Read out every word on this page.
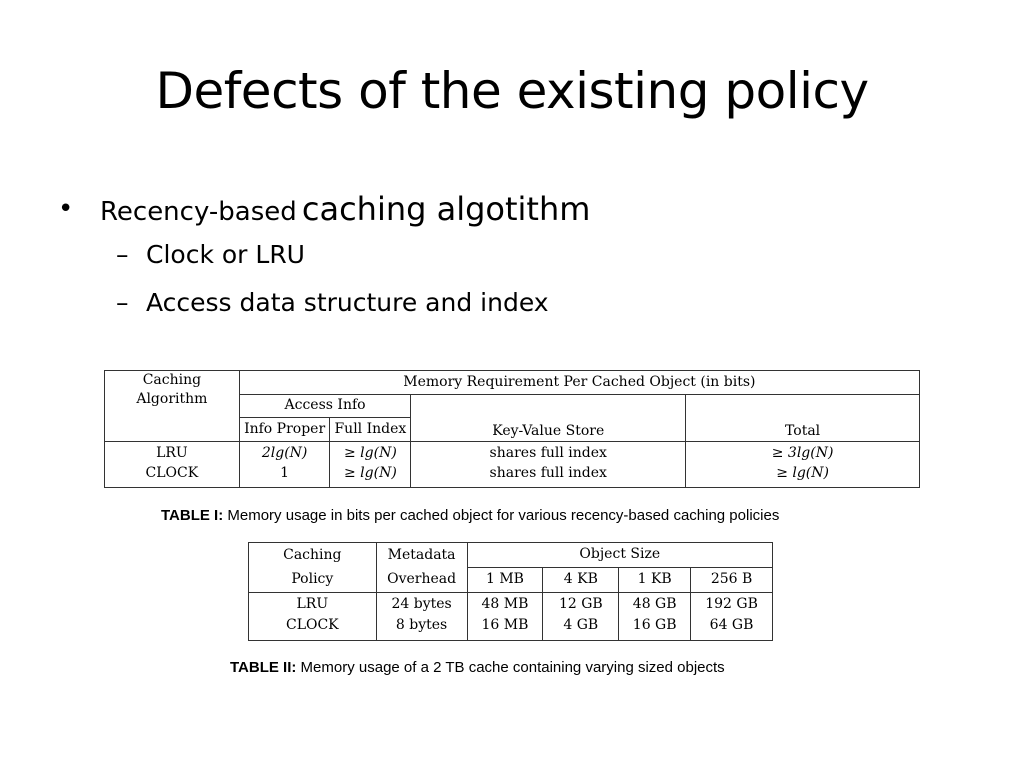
Defects of the existing policy
• Recency-based caching algotithm
– Clock or LRU
– Access data structure and index
Caching
Algorithm	Memory Requirement Per Cached Object (in bits)			
	Access Info		Key-Value Store	Total
	Info Proper	Full Index		
LRU	2lg(N)	≥ lg(N)	shares full index	≥ 3lg(N)
CLOCK	1	≥ lg(N)	shares full index	≥ lg(N)
TABLE I: Memory usage in bits per cached object for various recency-based caching policies
Caching	Metadata	Object Size			
Policy	Overhead	1 MB	4 KB	1 KB	256 B
LRU	24 bytes	48 MB	12 GB	48 GB	192 GB
CLOCK	8 bytes	16 MB	4 GB	16 GB	64 GB
TABLE II: Memory usage of a 2 TB cache containing varying sized objects
